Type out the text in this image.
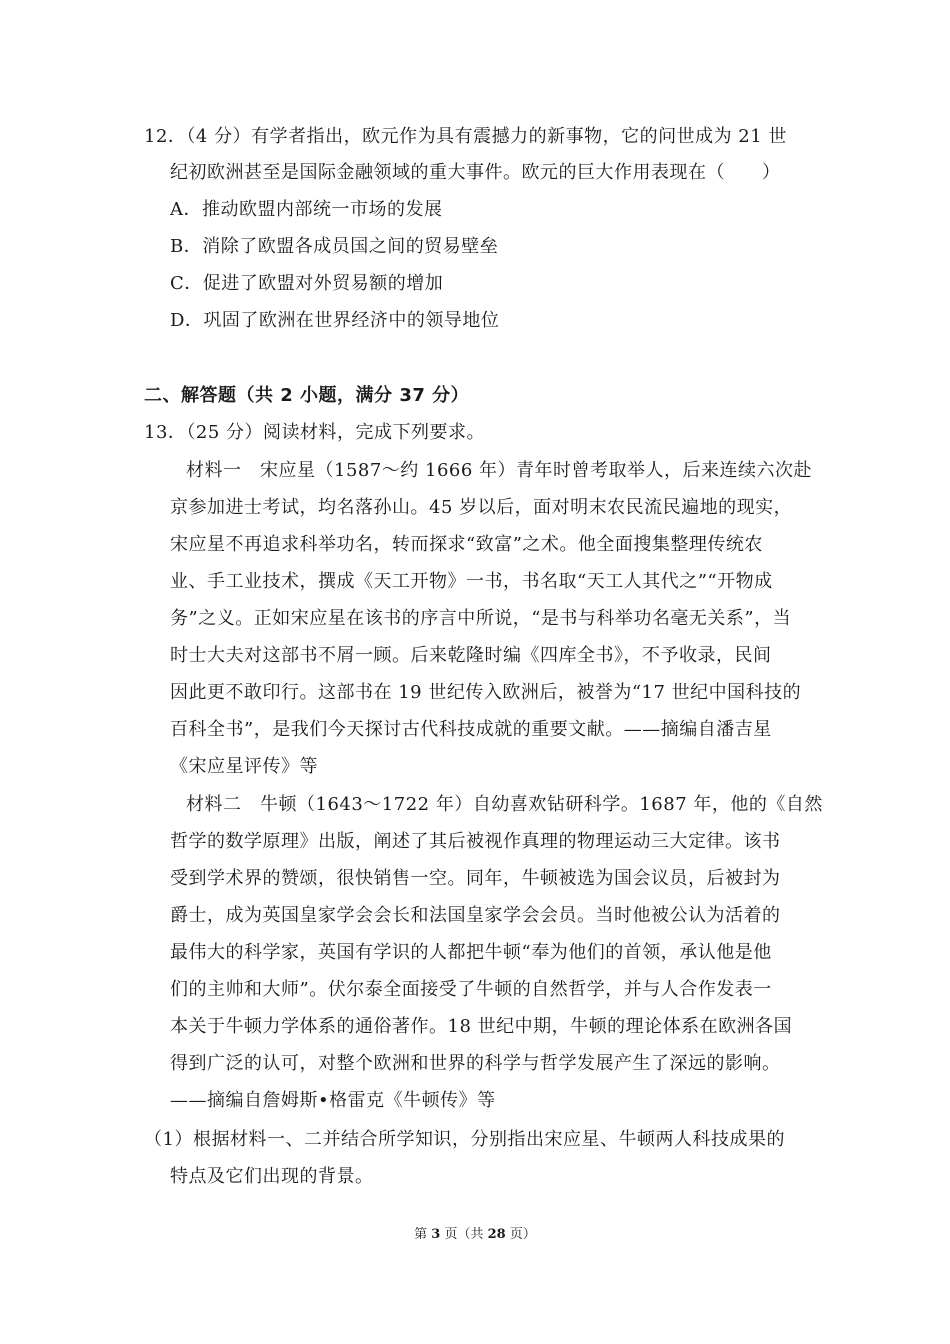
12．（4 分）有学者指出，欧元作为具有震撼力的新事物，它的问世成为 21 世
纪初欧洲甚至是国际金融领域的重大事件。欧元的巨大作用表现在（　　）
A．推动欧盟内部统一市场的发展
B．消除了欧盟各成员国之间的贸易壁垒
C．促进了欧盟对外贸易额的增加
D．巩固了欧洲在世界经济中的领导地位
二、解答题（共 2 小题，满分 37 分）
13．（25 分）阅读材料，完成下列要求。
材料一　宋应星（1587～约 1666 年）青年时曾考取举人，后来连续六次赴
京参加进士考试，均名落孙山。45 岁以后，面对明末农民流民遍地的现实，
宋应星不再追求科举功名，转而探求“致富”之术。他全面搜集整理传统农
业、手工业技术，撰成《天工开物》一书，书名取“天工人其代之”“开物成
务”之义。正如宋应星在该书的序言中所说，“是书与科举功名毫无关系”，当
时士大夫对这部书不屑一顾。后来乾隆时编《四库全书》，不予收录，民间
因此更不敢印行。这部书在 19 世纪传入欧洲后，被誉为“17 世纪中国科技的
百科全书”，是我们今天探讨古代科技成就的重要文献。——摘编自潘吉星
《宋应星评传》等
材料二　牛顿（1643～1722 年）自幼喜欢钻研科学。1687 年，他的《自然
哲学的数学原理》出版，阐述了其后被视作真理的物理运动三大定律。该书
受到学术界的赞颂，很快销售一空。同年，牛顿被选为国会议员，后被封为
爵士，成为英国皇家学会会长和法国皇家学会会员。当时他被公认为活着的
最伟大的科学家，英国有学识的人都把牛顿“奉为他们的首领，承认他是他
们的主帅和大师”。伏尔泰全面接受了牛顿的自然哲学，并与人合作发表一
本关于牛顿力学体系的通俗著作。18 世纪中期，牛顿的理论体系在欧洲各国
得到广泛的认可，对整个欧洲和世界的科学与哲学发展产生了深远的影响。
——摘编自詹姆斯•格雷克《牛顿传》等
（1）根据材料一、二并结合所学知识，分别指出宋应星、牛顿两人科技成果的
特点及它们出现的背景。
第 3 页（共 28 页）
